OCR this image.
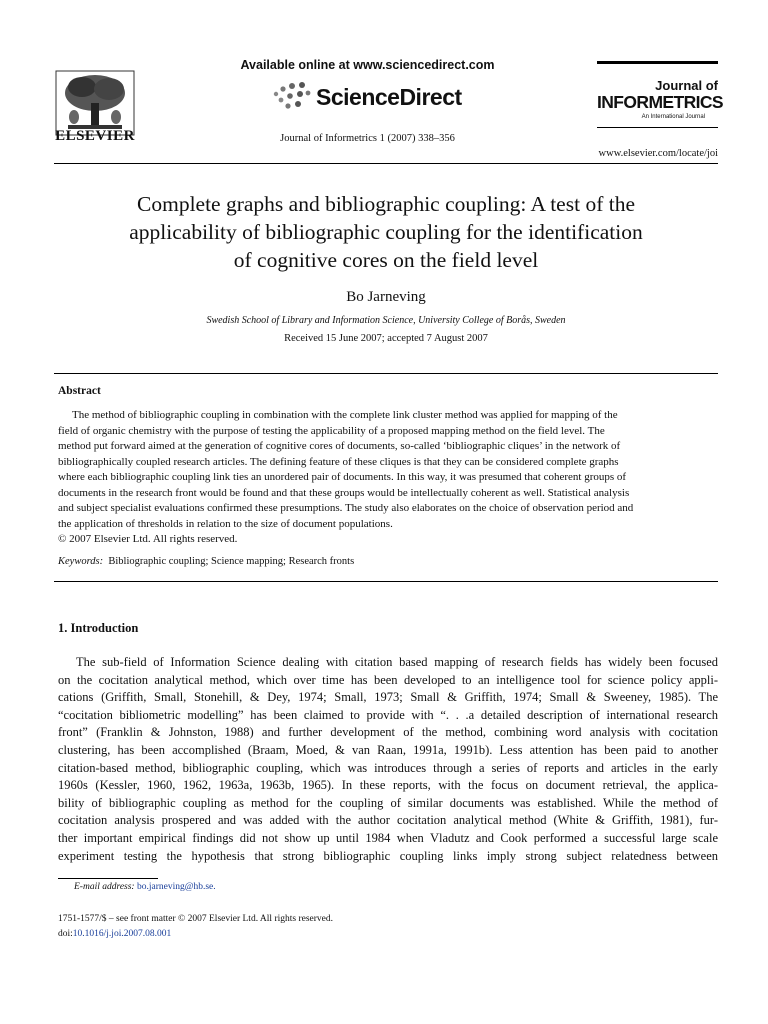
ELSEVIER
Available online at www.sciencedirect.com
ScienceDirect
Journal of Informetrics 1 (2007) 338–356
Journal of
INFORMETRICS
An International Journal
www.elsevier.com/locate/joi
Complete graphs and bibliographic coupling: A test of the
applicability of bibliographic coupling for the identification
of cognitive cores on the field level
Bo Jarneving
Swedish School of Library and Information Science, University College of Borås, Sweden
Received 15 June 2007; accepted 7 August 2007
Abstract
The method of bibliographic coupling in combination with the complete link cluster method was applied for mapping of the
field of organic chemistry with the purpose of testing the applicability of a proposed mapping method on the field level. The
method put forward aimed at the generation of cognitive cores of documents, so-called ‘bibliographic cliques’ in the network of
bibliographically coupled research articles. The defining feature of these cliques is that they can be considered complete graphs
where each bibliographic coupling link ties an unordered pair of documents. In this way, it was presumed that coherent groups of
documents in the research front would be found and that these groups would be intellectually coherent as well. Statistical analysis
and subject specialist evaluations confirmed these presumptions. The study also elaborates on the choice of observation period and
the application of thresholds in relation to the size of document populations.
© 2007 Elsevier Ltd. All rights reserved.
Keywords: Bibliographic coupling; Science mapping; Research fronts
1. Introduction
The sub-field of Information Science dealing with citation based mapping of research fields has widely been focused
on the cocitation analytical method, which over time has been developed to an intelligence tool for science policy appli-
cations (Griffith, Small, Stonehill, & Dey, 1974; Small, 1973; Small & Griffith, 1974; Small & Sweeney, 1985). The
“cocitation bibliometric modelling” has been claimed to provide with “. . .a detailed description of international research
front” (Franklin & Johnston, 1988) and further development of the method, combining word analysis with cocitation
clustering, has been accomplished (Braam, Moed, & van Raan, 1991a, 1991b). Less attention has been paid to another
citation-based method, bibliographic coupling, which was introduces through a series of reports and articles in the early
1960s (Kessler, 1960, 1962, 1963a, 1963b, 1965). In these reports, with the focus on document retrieval, the applica-
bility of bibliographic coupling as method for the coupling of similar documents was established. While the method of
cocitation analysis prospered and was added with the author cocitation analytical method (White & Griffith, 1981), fur-
ther important empirical findings did not show up until 1984 when Vladutz and Cook performed a successful large scale
experiment testing the hypothesis that strong bibliographic coupling links imply strong subject relatedness between
E-mail address: bo.jarneving@hb.se.
1751-1577/$ – see front matter © 2007 Elsevier Ltd. All rights reserved.
doi:10.1016/j.joi.2007.08.001
